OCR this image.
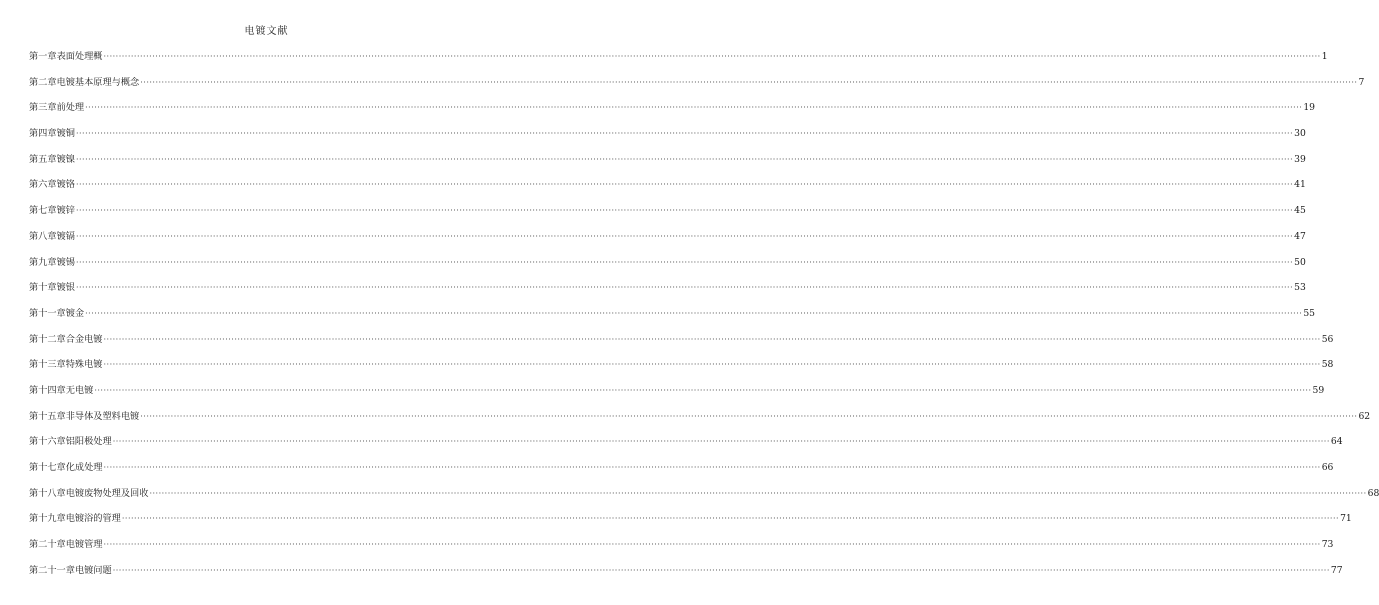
电镀文献
第一章 表面处理概 ················································································································································································································································································································································································································ 1
第二章 电镀基本原理与概念 ················································································································································································································································································································································································································ 7
第三章 前处理 ················································································································································································································································································································································································································ 19
第四章 镀铜 ················································································································································································································································································································································································································ 30
第五章 镀镍 ················································································································································································································································································································································································································ 39
第六章 镀铬 ················································································································································································································································································································································································································ 41
第七章 镀锌 ················································································································································································································································································································································································································ 45
第八章 镀镉 ················································································································································································································································································································································································································ 47
第九章 镀锡 ················································································································································································································································································································································································································ 50
第十章 镀银 ················································································································································································································································································································································································································ 53
第十一章 镀金 ················································································································································································································································································································································································································ 55
第十二章 合金电镀 ················································································································································································································································································································································································································ 56
第十三章 特殊电镀 ················································································································································································································································································································································································································ 58
第十四章 无电镀 ················································································································································································································································································································································································································ 59
第十五章 非导体及塑料电镀 ················································································································································································································································································································································································································ 62
第十六章 铝阳极处理 ················································································································································································································································································································································································································ 64
第十七章 化成处理 ················································································································································································································································································································································································································ 66
第十八章 电镀废物处理及回收 ················································································································································································································································································································································································································ 68
第十九章 电镀浴的管理 ················································································································································································································································································································································································································ 71
第二十章 电镀管理 ················································································································································································································································································································································································································ 73
第二十一章 电镀问题 ················································································································································································································································································································································································································ 77
